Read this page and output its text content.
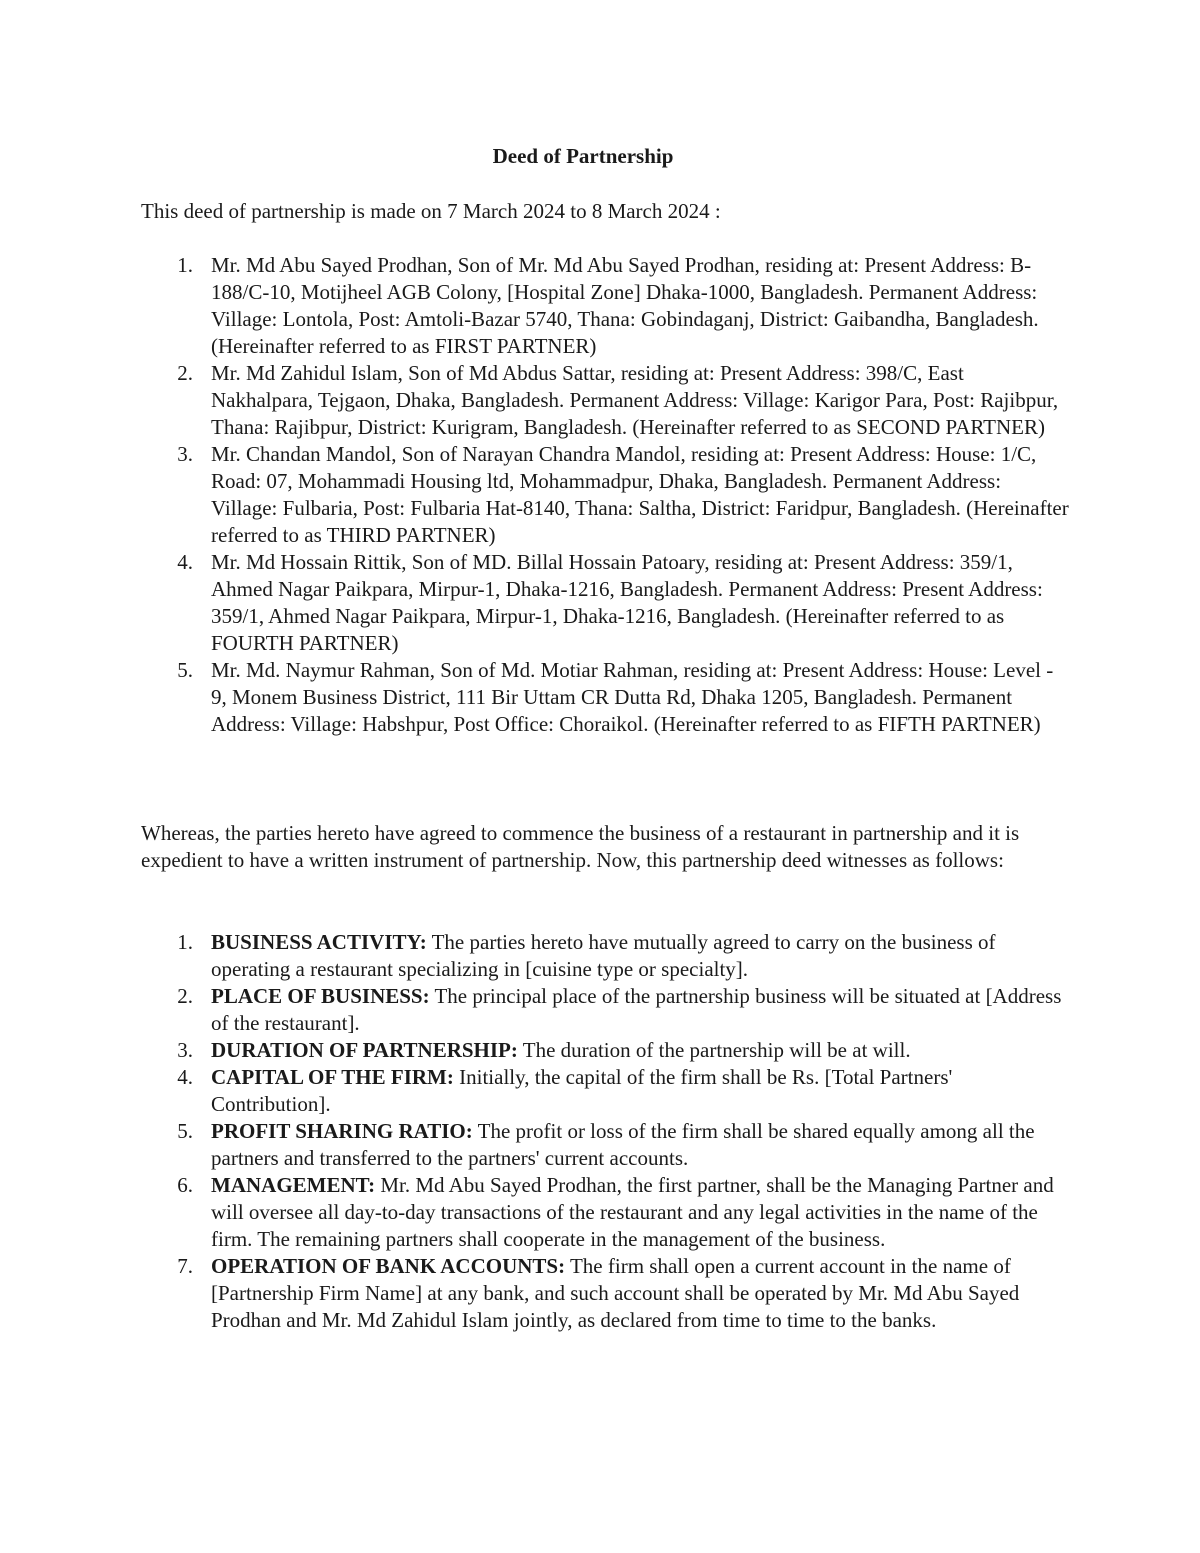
Deed of Partnership
This deed of partnership is made on 7 March 2024 to 8 March 2024 :
1. Mr. Md Abu Sayed Prodhan, Son of Mr. Md Abu Sayed Prodhan, residing at: Present Address: B-188/C-10, Motijheel AGB Colony, [Hospital Zone] Dhaka-1000, Bangladesh. Permanent Address: Village: Lontola, Post: Amtoli-Bazar 5740, Thana: Gobindaganj, District: Gaibandha, Bangladesh. (Hereinafter referred to as FIRST PARTNER)
2. Mr. Md Zahidul Islam, Son of Md Abdus Sattar, residing at: Present Address: 398/C, East Nakhalpara, Tejgaon, Dhaka, Bangladesh. Permanent Address: Village: Karigor Para, Post: Rajibpur, Thana: Rajibpur, District: Kurigram, Bangladesh. (Hereinafter referred to as SECOND PARTNER)
3. Mr. Chandan Mandol, Son of Narayan Chandra Mandol, residing at: Present Address: House: 1/C, Road: 07, Mohammadi Housing ltd, Mohammadpur, Dhaka, Bangladesh. Permanent Address: Village: Fulbaria, Post: Fulbaria Hat-8140, Thana: Saltha, District: Faridpur, Bangladesh. (Hereinafter referred to as THIRD PARTNER)
4. Mr. Md Hossain Rittik, Son of MD. Billal Hossain Patoary, residing at: Present Address: 359/1, Ahmed Nagar Paikpara, Mirpur-1, Dhaka-1216, Bangladesh. Permanent Address: Present Address: 359/1, Ahmed Nagar Paikpara, Mirpur-1, Dhaka-1216, Bangladesh. (Hereinafter referred to as FOURTH PARTNER)
5. Mr. Md. Naymur Rahman, Son of Md. Motiar Rahman, residing at: Present Address: House: Level - 9, Monem Business District, 111 Bir Uttam CR Dutta Rd, Dhaka 1205, Bangladesh. Permanent Address: Village: Habshpur, Post Office: Choraikol. (Hereinafter referred to as FIFTH PARTNER)
Whereas, the parties hereto have agreed to commence the business of a restaurant in partnership and it is expedient to have a written instrument of partnership. Now, this partnership deed witnesses as follows:
1. BUSINESS ACTIVITY: The parties hereto have mutually agreed to carry on the business of operating a restaurant specializing in [cuisine type or specialty].
2. PLACE OF BUSINESS: The principal place of the partnership business will be situated at [Address of the restaurant].
3. DURATION OF PARTNERSHIP: The duration of the partnership will be at will.
4. CAPITAL OF THE FIRM: Initially, the capital of the firm shall be Rs. [Total Partners' Contribution].
5. PROFIT SHARING RATIO: The profit or loss of the firm shall be shared equally among all the partners and transferred to the partners' current accounts.
6. MANAGEMENT: Mr. Md Abu Sayed Prodhan, the first partner, shall be the Managing Partner and will oversee all day-to-day transactions of the restaurant and any legal activities in the name of the firm. The remaining partners shall cooperate in the management of the business.
7. OPERATION OF BANK ACCOUNTS: The firm shall open a current account in the name of [Partnership Firm Name] at any bank, and such account shall be operated by Mr. Md Abu Sayed Prodhan and Mr. Md Zahidul Islam jointly, as declared from time to time to the banks.
